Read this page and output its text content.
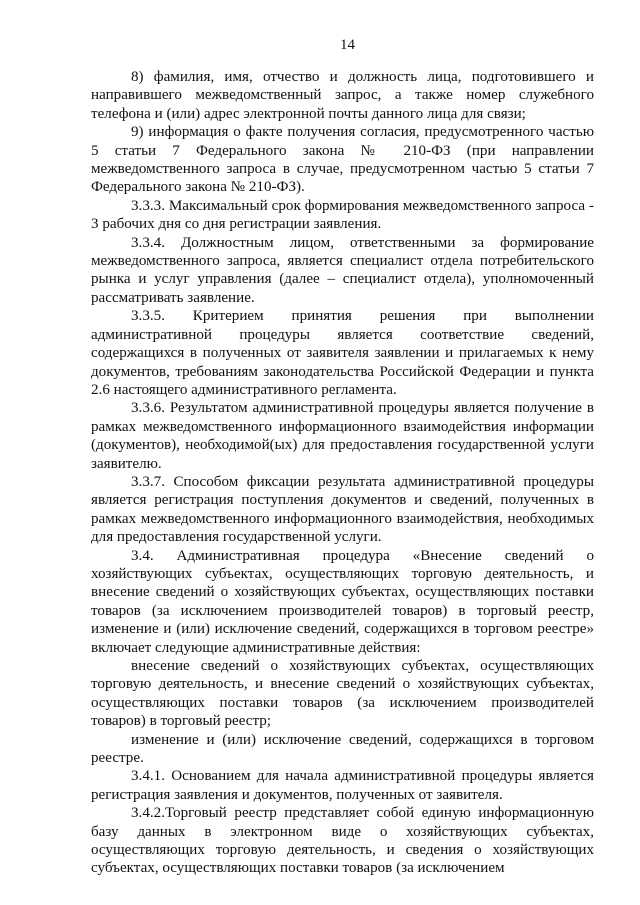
14

8) фамилия, имя, отчество и должность лица, подготовившего и направившего межведомственный запрос, а также номер служебного телефона и (или) адрес электронной почты данного лица для связи;

9) информация о факте получения согласия, предусмотренного частью 5 статьи 7 Федерального закона № 210-ФЗ (при направлении межведомственного запроса в случае, предусмотренном частью 5 статьи 7 Федерального закона № 210-ФЗ).

3.3.3. Максимальный срок формирования межведомственного запроса - 3 рабочих дня со дня регистрации заявления.

3.3.4. Должностным лицом, ответственными за формирование межведомственного запроса, является специалист отдела потребительского рынка и услуг управления (далее – специалист отдела), уполномоченный рассматривать заявление.

3.3.5. Критерием принятия решения при выполнении административной процедуры является соответствие сведений, содержащихся в полученных от заявителя заявлении и прилагаемых к нему документов, требованиям законодательства Российской Федерации и пункта 2.6 настоящего административного регламента.

3.3.6. Результатом административной процедуры является получение в рамках межведомственного информационного взаимодействия информации (документов), необходимой(ых) для предоставления государственной услуги заявителю.

3.3.7. Способом фиксации результата административной процедуры является регистрация поступления документов и сведений, полученных в рамках межведомственного информационного взаимодействия, необходимых для предоставления государственной услуги.

3.4. Административная процедура «Внесение сведений о хозяйствующих субъектах, осуществляющих торговую деятельность, и внесение сведений о хозяйствующих субъектах, осуществляющих поставки товаров (за исключением производителей товаров) в торговый реестр, изменение и (или) исключение сведений, содержащихся в торговом реестре» включает следующие административные действия:

внесение сведений о хозяйствующих субъектах, осуществляющих торговую деятельность, и внесение сведений о хозяйствующих субъектах, осуществляющих поставки товаров (за исключением производителей товаров) в торговый реестр;

изменение и (или) исключение сведений, содержащихся в торговом реестре.

3.4.1. Основанием для начала административной процедуры является регистрация заявления и документов, полученных от заявителя.

3.4.2.Торговый реестр представляет собой единую информационную базу данных в электронном виде о хозяйствующих субъектах, осуществляющих торговую деятельность, и сведения о хозяйствующих субъектах, осуществляющих поставки товаров (за исключением
